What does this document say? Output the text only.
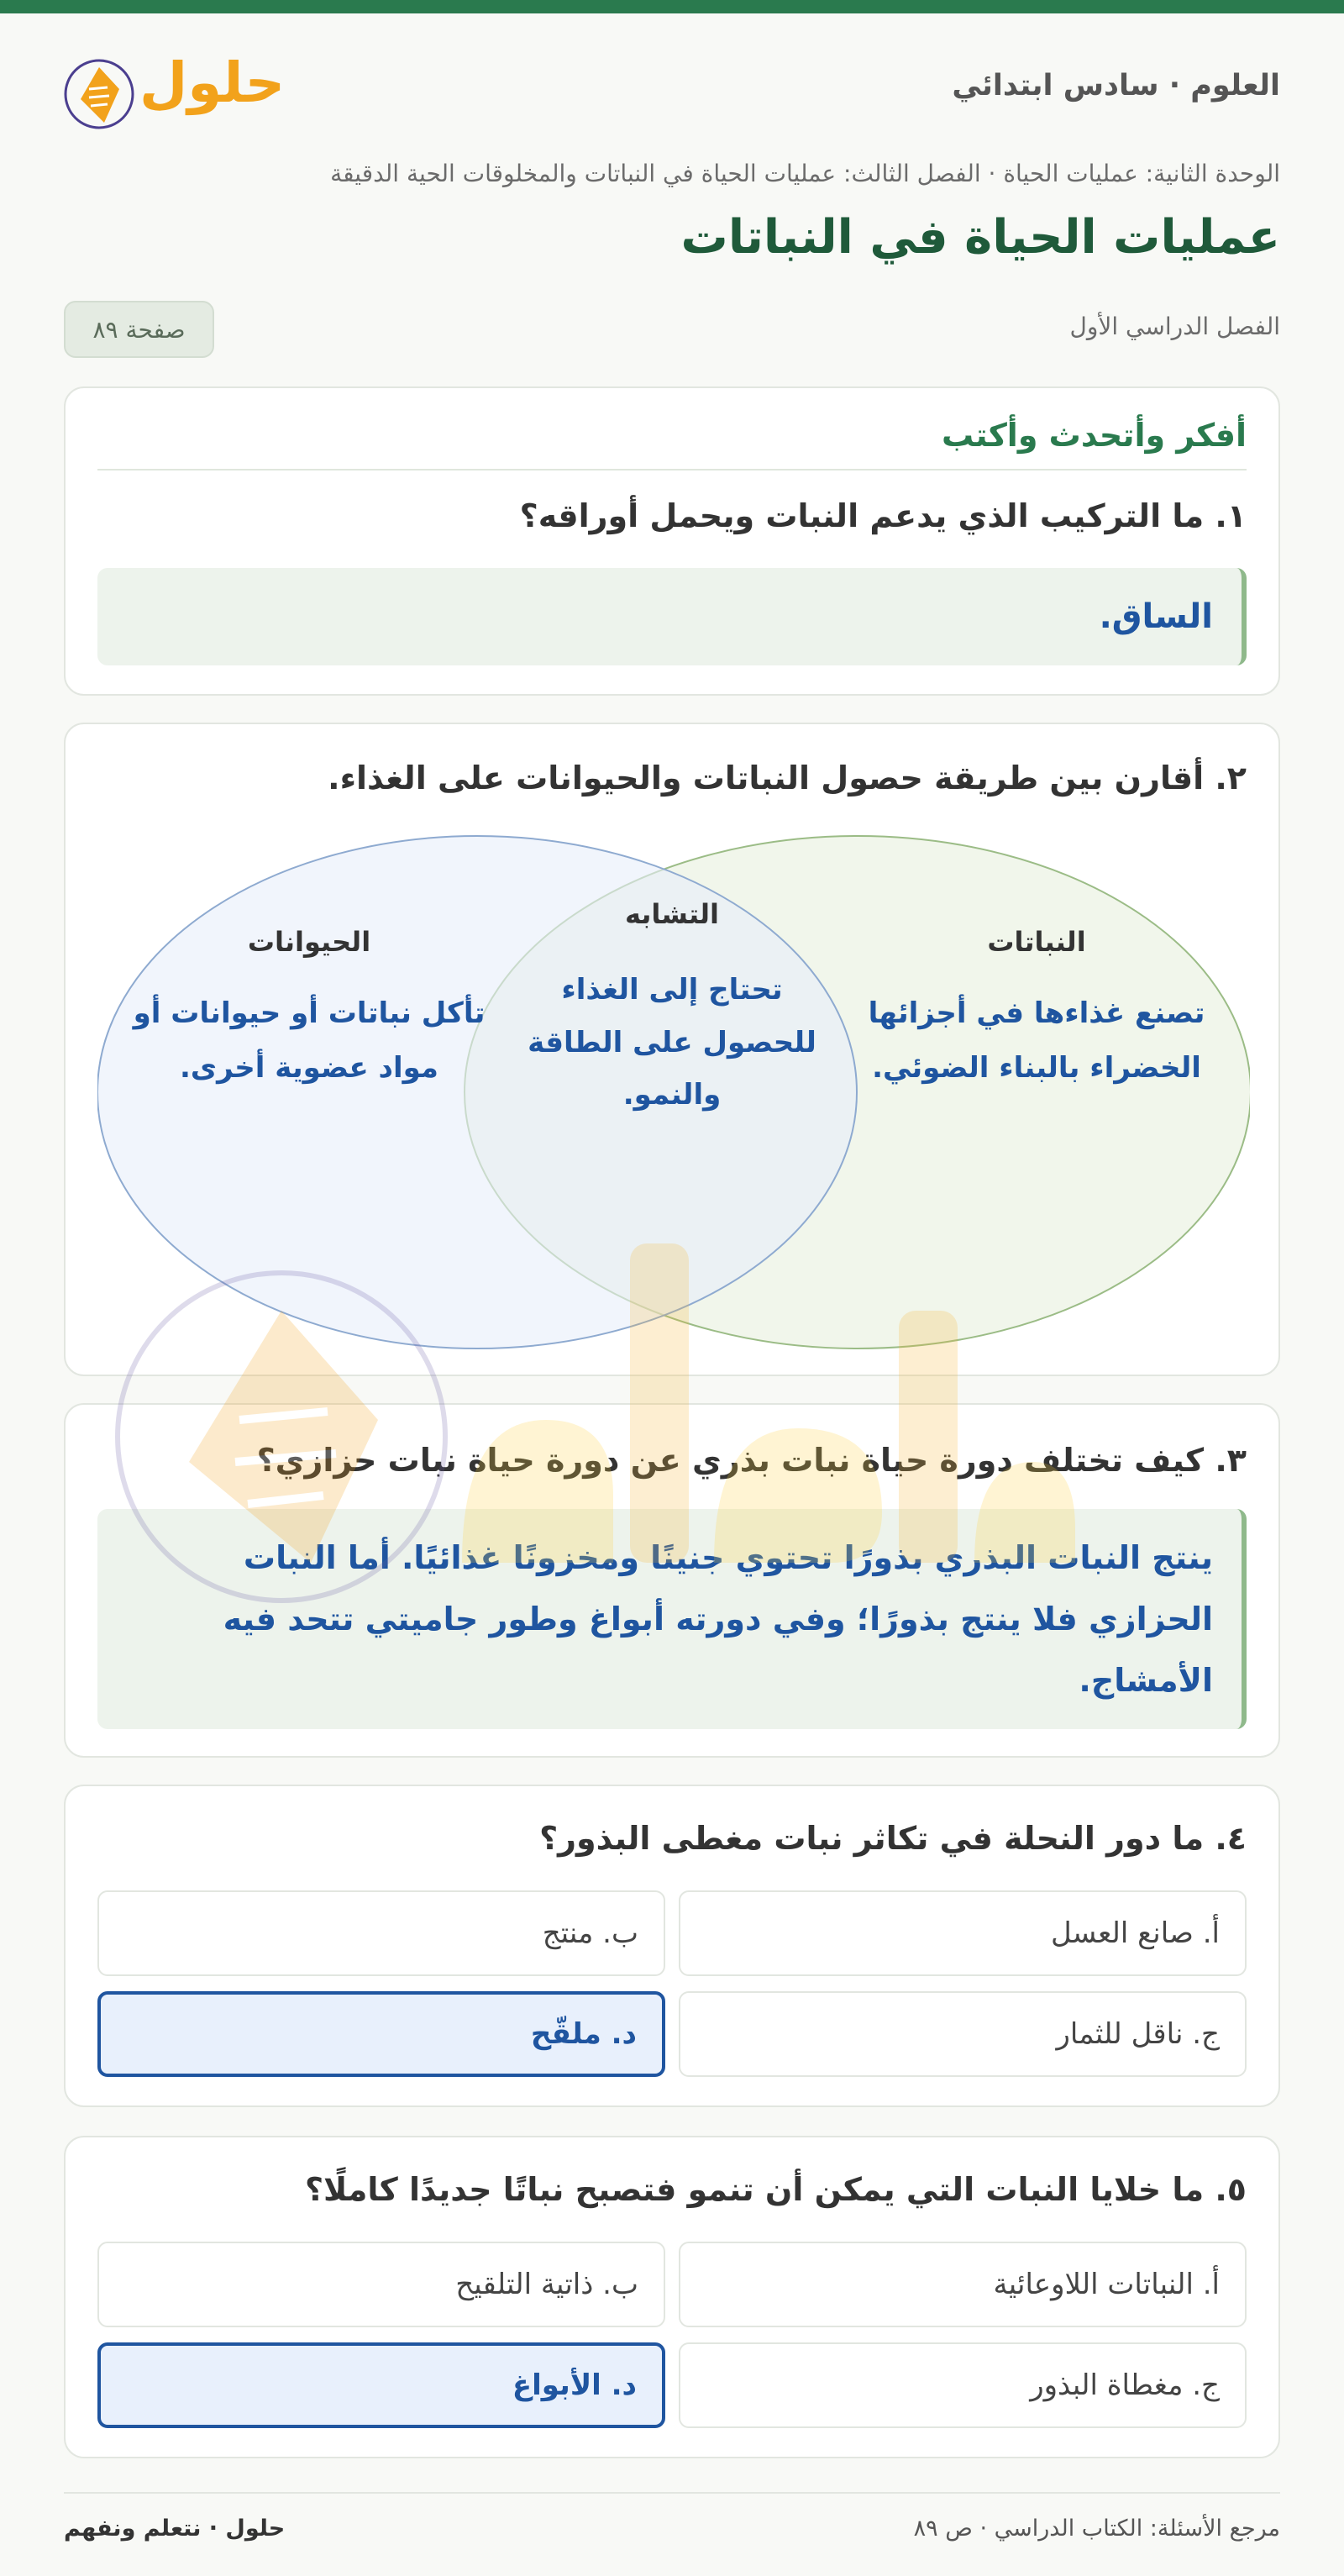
العلوم · سادس ابتدائي
حلول
الوحدة الثانية: عمليات الحياة · الفصل الثالث: عمليات الحياة في النباتات والمخلوقات الحية الدقيقة
عمليات الحياة في النباتات
الفصل الدراسي الأول
صفحة ٨٩
أفكر وأتحدث وأكتب
١. ما التركيب الذي يدعم النبات ويحمل أوراقه؟
الساق.
٢. أقارن بين طريقة حصول النباتات والحيوانات على الغذاء.
الحيوانات
تأكل نباتات أو حيوانات أو
مواد عضوية أخرى.
التشابه
تحتاج إلى الغذاء
للحصول على الطاقة
والنمو.
النباتات
تصنع غذاءها في أجزائها
الخضراء بالبناء الضوئي.
٣. كيف تختلف دورة حياة نبات بذري عن دورة حياة نبات حزازي؟
ينتج النبات البذري بذورًا تحتوي جنينًا ومخزونًا غذائيًا. أما النبات
الحزازي فلا ينتج بذورًا؛ وفي دورته أبواغ وطور جاميتي تتحد فيه
الأمشاج.
٤. ما دور النحلة في تكاثر نبات مغطى البذور؟
أ. صانع العسل
ب. منتج
ج. ناقل للثمار
د. ملقّح
٥. ما خلايا النبات التي يمكن أن تنمو فتصبح نباتًا جديدًا كاملًا؟
أ. النباتات اللاوعائية
ب. ذاتية التلقيح
ج. مغطاة البذور
د. الأبواغ
حلول · نتعلم ونفهم	مرجع الأسئلة: الكتاب الدراسي · ص ٨٩
